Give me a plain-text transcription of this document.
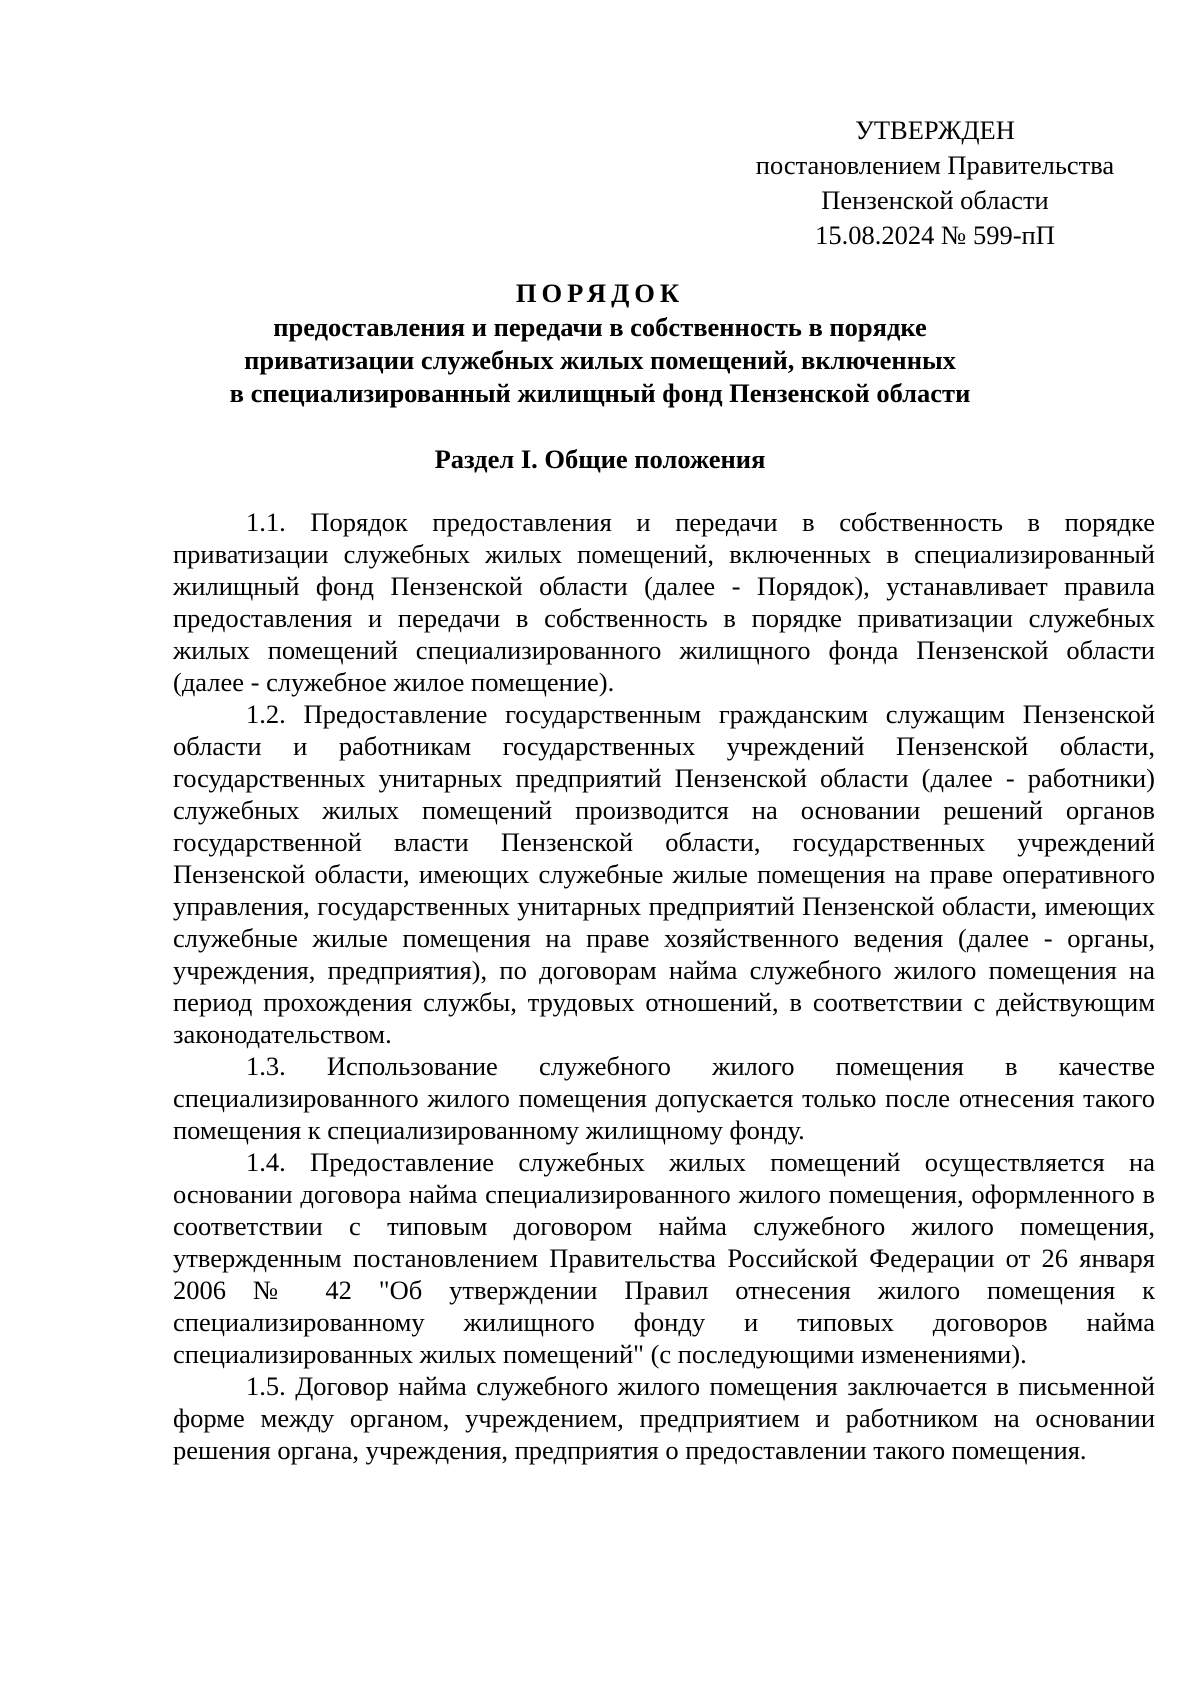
УТВЕРЖДЕН
постановлением Правительства
Пензенской области
15.08.2024 № 599-пП
ПОРЯДОК
предоставления и передачи в собственность в порядке
приватизации служебных жилых помещений, включенных
в специализированный жилищный фонд Пензенской области
Раздел I. Общие положения

1.1. Порядок предоставления и передачи в собственность в порядке приватизации служебных жилых помещений, включенных в специализированный жилищный фонд Пензенской области (далее - Порядок), устанавливает правила предоставления и передачи в собственность в порядке приватизации служебных жилых помещений специализированного жилищного фонда Пензенской области (далее - служебное жилое помещение).

1.2. Предоставление государственным гражданским служащим Пензенской области и работникам государственных учреждений Пензенской области, государственных унитарных предприятий Пензенской области (далее - работники) служебных жилых помещений производится на основании решений органов государственной власти Пензенской области, государственных учреждений Пензенской области, имеющих служебные жилые помещения на праве оперативного управления, государственных унитарных предприятий Пензенской области, имеющих служебные жилые помещения на праве хозяйственного ведения (далее - органы, учреждения, предприятия), по договорам найма служебного жилого помещения на период прохождения службы, трудовых отношений, в соответствии с действующим законодательством.

1.3. Использование служебного жилого помещения в качестве специализированного жилого помещения допускается только после отнесения такого помещения к специализированному жилищному фонду.

1.4. Предоставление служебных жилых помещений осуществляется на основании договора найма специализированного жилого помещения, оформленного в соответствии с типовым договором найма служебного жилого помещения, утвержденным постановлением Правительства Российской Федерации от 26 января 2006 № 42 "Об утверждении Правил отнесения жилого помещения к специализированному жилищного фонду и типовых договоров найма специализированных жилых помещений" (с последующими изменениями).

1.5. Договор найма служебного жилого помещения заключается в письменной форме между органом, учреждением, предприятием и работником на основании решения органа, учреждения, предприятия о предоставлении такого помещения.
